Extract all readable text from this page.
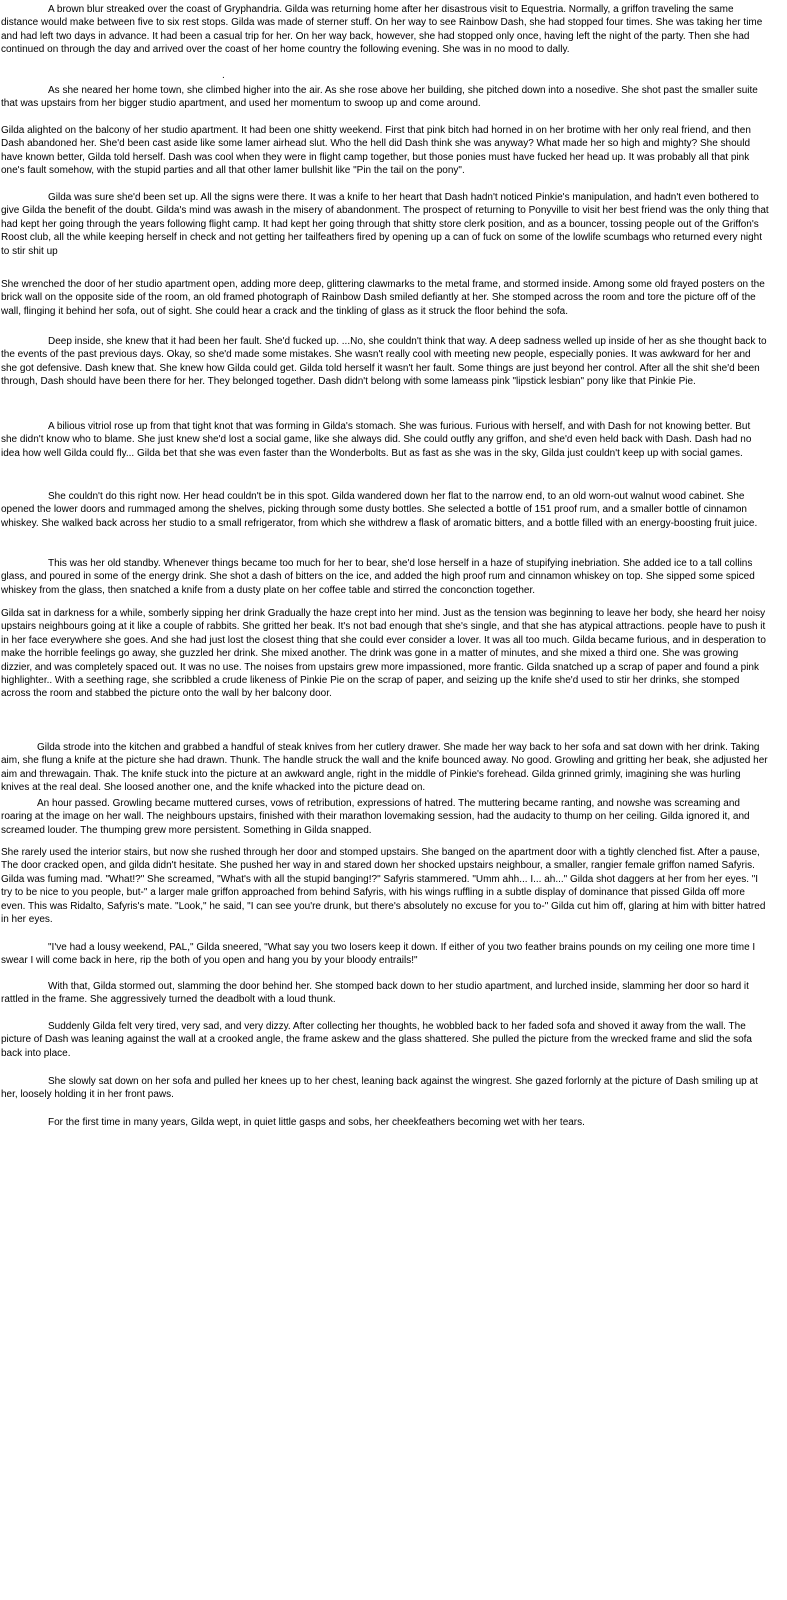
A brown blur streaked over the coast of Gryphandria. Gilda was returning home after her disastrous visit to Equestria. Normally, a griffon traveling the same distance would make between five to six rest stops. Gilda was made of sterner stuff. On her way to see Rainbow Dash, she had stopped four times. She was taking her time and had left two days in advance. It had been a casual trip for her. On her way back, however, she had stopped only once, having left the night of the party. Then she had continued on through the day and arrived over the coast of her home country the following evening. She was in no mood to dally.

.

As she neared her home town, she climbed higher into the air. As she rose above her building, she pitched down into a nosedive. She shot past the smaller suite that was upstairs from her bigger studio apartment, and used her momentum to swoop up and come around.

Gilda alighted on the balcony of her studio apartment. It had been one shitty weekend. First that pink bitch had horned in on her brotime with her only real friend, and then Dash abandoned her. She'd been cast aside like some lamer airhead slut. Who the hell did Dash think she was anyway? What made her so high and mighty? She should have known better, Gilda told herself. Dash was cool when they were in flight camp together, but those ponies must have fucked her head up. It was probably all that pink one's fault somehow, with the stupid parties and all that other lamer bullshit like "Pin the tail on the pony".

Gilda was sure she'd been set up. All the signs were there. It was a knife to her heart that Dash hadn't noticed Pinkie's manipulation, and hadn't even bothered to give Gilda the benefit of the doubt. Gilda's mind was awash in the misery of abandonment. The prospect of returning to Ponyville to visit her best friend was the only thing that had kept her going through the years following flight camp. It had kept her going through that shitty store clerk position, and as a bouncer, tossing people out of the Griffon's Roost club, all the while keeping herself in check and not getting her tailfeathers fired by opening up a can of fuck on some of the lowlife scumbags who returned every night to stir shit up

She wrenched the door of her studio apartment open, adding more deep, glittering clawmarks to the metal frame, and stormed inside. Among some old frayed posters on the brick wall on the opposite side of the room, an old framed photograph of Rainbow Dash smiled defiantly at her. She stomped across the room and tore the picture off of the wall, flinging it behind her sofa, out of sight. She could hear a crack and the tinkling of glass as it struck the floor behind the sofa.

Deep inside, she knew that it had been her fault. She'd fucked up. ...No, she couldn't think that way. A deep sadness welled up inside of her as she thought back to the events of the past previous days. Okay, so she'd made some mistakes. She wasn't really cool with meeting new people, especially ponies. It was awkward for her and she got defensive. Dash knew that. She knew how Gilda could get. Gilda told herself it wasn't her fault. Some things are just beyond her control. After all the shit she'd been through, Dash should have been there for her. They belonged together. Dash didn't belong with some lameass pink "lipstick lesbian" pony like that Pinkie Pie.

A bilious vitriol rose up from that tight knot that was forming in Gilda's stomach. She was furious. Furious with herself, and with Dash for not knowing better. But she didn't know who to blame. She just knew she'd lost a social game, like she always did. She could outfly any griffon, and she'd even held back with Dash. Dash had no idea how well Gilda could fly... Gilda bet that she was even faster than the Wonderbolts. But as fast as she was in the sky, Gilda just couldn't keep up with social games.

She couldn't do this right now. Her head couldn't be in this spot. Gilda wandered down her flat to the narrow end, to an old worn-out walnut wood cabinet. She opened the lower doors and rummaged among the shelves, picking through some dusty bottles. She selected a bottle of 151 proof rum, and a smaller bottle of cinnamon whiskey. She walked back across her studio to a small refrigerator, from which she withdrew a flask of aromatic bitters, and a bottle filled with an energy-boosting fruit juice.

This was her old standby. Whenever things became too much for her to bear, she'd lose herself in a haze of stupifying inebriation. She added ice to a tall collins glass, and poured in some of the energy drink. She shot a dash of bitters on the ice, and added the high proof rum and cinnamon whiskey on top. She sipped some spiced whiskey from the glass, then snatched a knife from a dusty plate on her coffee table and stirred the conconction together.

Gilda sat in darkness for a while, somberly sipping her drink Gradually the haze crept into her mind. Just as the tension was beginning to leave her body, she heard her noisy upstairs neighbours going at it like a couple of rabbits. She gritted her beak. It's not bad enough that she's single, and that she has atypical attractions. people have to push it in her face everywhere she goes. And she had just lost the closest thing that she could ever consider a lover. It was all too much. Gilda became furious, and in desperation to make the horrible feelings go away, she guzzled her drink. She mixed another. The drink was gone in a matter of minutes, and she mixed a third one. She was growing dizzier, and was completely spaced out. It was no use. The noises from upstairs grew more impassioned, more frantic. Gilda snatched up a scrap of paper and found a pink highlighter.. With a seething rage, she scribbled a crude likeness of Pinkie Pie on the scrap of paper, and seizing up the knife she'd used to stir her drinks, she stomped across the room and stabbed the picture onto the wall by her balcony door.

Gilda strode into the kitchen and grabbed a handful of steak knives from her cutlery drawer. She made her way back to her sofa and sat down with her drink. Taking aim, she flung a knife at the picture she had drawn. Thunk. The handle struck the wall and the knife bounced away. No good. Growling and gritting her beak, she adjusted her aim and threwagain. Thak. The knife stuck into the picture at an awkward angle, right in the middle of Pinkie's forehead. Gilda grinned grimly, imagining she was hurling knives at the real deal. She loosed another one, and the knife whacked into the picture dead on.

An hour passed. Growling became muttered curses, vows of retribution, expressions of hatred. The muttering became ranting, and nowshe was screaming and roaring at the image on her wall. The neighbours upstairs, finished with their marathon lovemaking session, had the audacity to thump on her ceiling. Gilda ignored it, and screamed louder. The thumping grew more persistent. Something in Gilda snapped.

She rarely used the interior stairs, but now she rushed through her door and stomped upstairs. She banged on the apartment door with a tightly clenched fist. After a pause, The door cracked open, and gilda didn't hesitate. She pushed her way in and stared down her shocked upstairs neighbour, a smaller, rangier female griffon named Safyris. Gilda was fuming mad. "What!?" She screamed, "What's with all the stupid banging!?" Safyris stammered. "Umm ahh... I... ah..." Gilda shot daggers at her from her eyes. "I try to be nice to you people, but-" a larger male griffon approached from behind Safyris, with his wings ruffling in a subtle display of dominance that pissed Gilda off more even. This was Ridalto, Safyris's mate. "Look," he said, "I can see you're drunk, but there's absolutely no excuse for you to-" Gilda cut him off, glaring at him with bitter hatred in her eyes.

"I've had a lousy weekend, PAL," Gilda sneered, "What say you two losers keep it down. If either of you two feather brains pounds on my ceiling one more time I swear I will come back in here, rip the both of you open and hang you by your bloody entrails!"

With that, Gilda stormed out, slamming the door behind her. She stomped back down to her studio apartment, and lurched inside, slamming her door so hard it rattled in the frame. She aggressively turned the deadbolt with a loud thunk.

Suddenly Gilda felt very tired, very sad, and very dizzy. After collecting her thoughts, he wobbled back to her faded sofa and shoved it away from the wall. The picture of Dash was leaning against the wall at a crooked angle, the frame askew and the glass shattered. She pulled the picture from the wrecked frame and slid the sofa back into place.

She slowly sat down on her sofa and pulled her knees up to her chest, leaning back against the wingrest. She gazed forlornly at the picture of Dash smiling up at her, loosely holding it in her front paws.

For the first time in many years, Gilda wept, in quiet little gasps and sobs, her cheekfeathers becoming wet with her tears.
